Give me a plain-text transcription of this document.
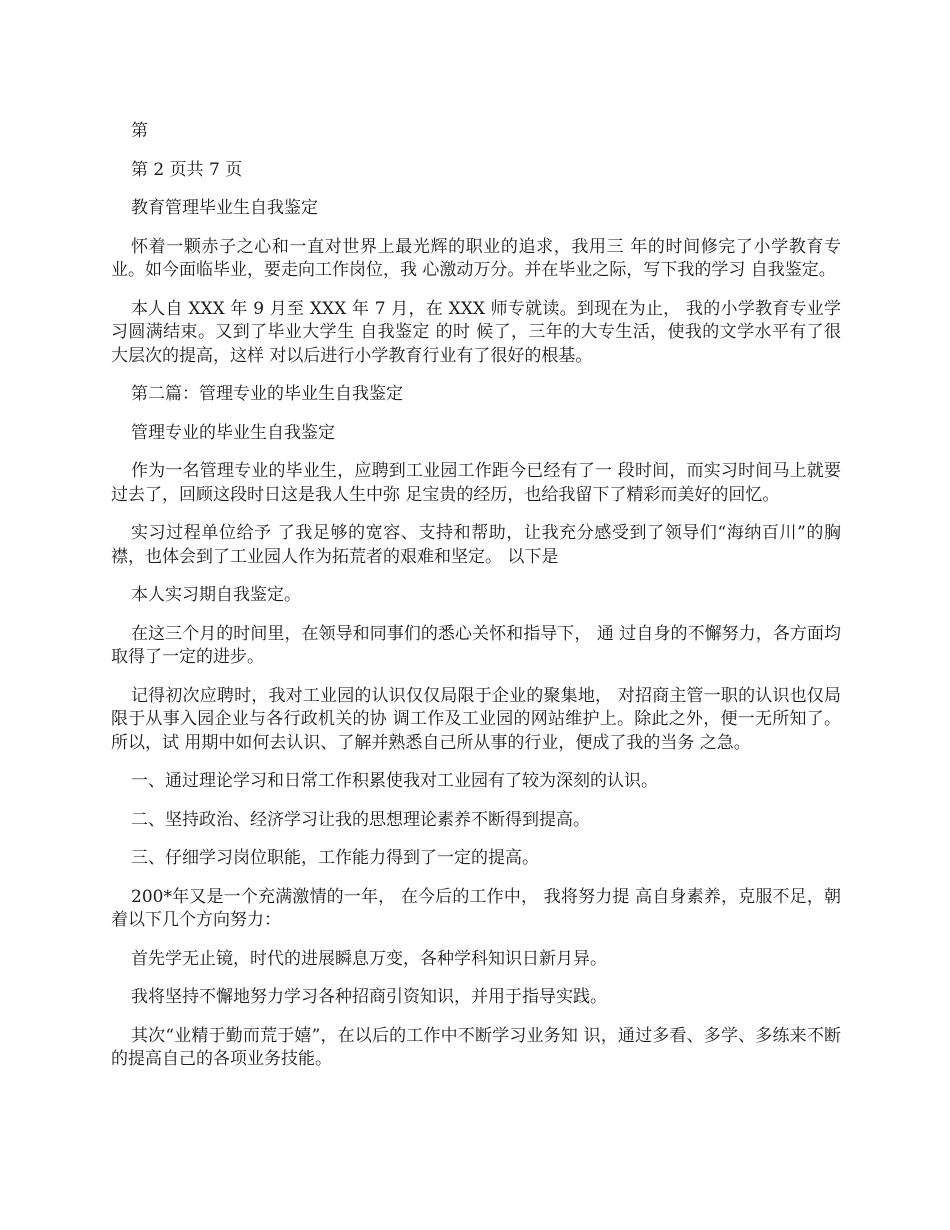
第

第 2 页共 7 页

教育管理毕业生自我鉴定

怀着一颗赤子之心和一直对世界上最光辉的职业的追求，我用三 年的时间修完了小学教育专业。如今面临毕业，要走向工作岗位，我 心激动万分。并在毕业之际，写下我的学习 自我鉴定。

本人自 XXX 年 9 月至 XXX 年 7 月，在 XXX 师专就读。到现在为止， 我的小学教育专业学习圆满结束。又到了毕业大学生 自我鉴定 的时 候了，三年的大专生活，使我的文学水平有了很大层次的提高，这样 对以后进行小学教育行业有了很好的根基。

第二篇：管理专业的毕业生自我鉴定

管理专业的毕业生自我鉴定

作为一名管理专业的毕业生，应聘到工业园工作距今已经有了一 段时间，而实习时间马上就要过去了，回顾这段时日这是我人生中弥 足宝贵的经历，也给我留下了精彩而美好的回忆。

实习过程单位给予 了我足够的宽容、支持和帮助，让我充分感受到了领导们“海纳百川”的胸襟，也体会到了工业园人作为拓荒者的艰难和坚定。 以下是

本人实习期自我鉴定。

在这三个月的时间里，在领导和同事们的悉心关怀和指导下， 通 过自身的不懈努力，各方面均取得了一定的进步。

记得初次应聘时，我对工业园的认识仅仅局限于企业的聚集地， 对招商主管一职的认识也仅局限于从事入园企业与各行政机关的协 调工作及工业园的网站维护上。除此之外，便一无所知了。所以，试 用期中如何去认识、了解并熟悉自己所从事的行业，便成了我的当务 之急。

一、通过理论学习和日常工作积累使我对工业园有了较为深刻的认识。

二、坚持政治、经济学习让我的思想理论素养不断得到提高。

三、仔细学习岗位职能，工作能力得到了一定的提高。

200*年又是一个充满激情的一年， 在今后的工作中， 我将努力提 高自身素养，克服不足，朝着以下几个方向努力：

首先学无止镜，时代的进展瞬息万变，各种学科知识日新月异。

我将坚持不懈地努力学习各种招商引资知识，并用于指导实践。

其次“业精于勤而荒于嬉”，在以后的工作中不断学习业务知 识，通过多看、多学、多练来不断的提高自己的各项业务技能。
